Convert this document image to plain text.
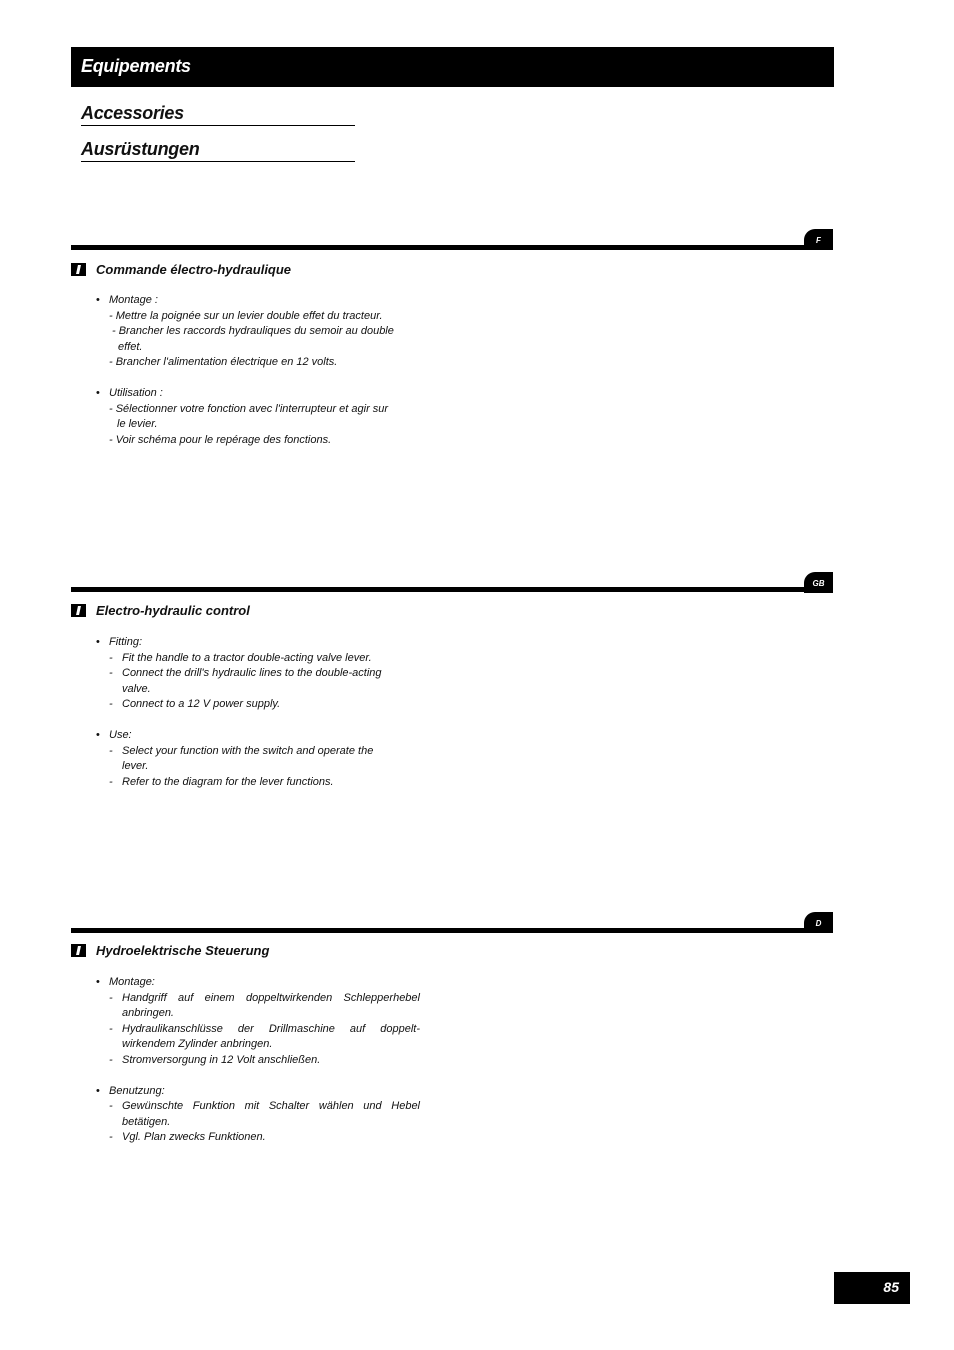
Equipements
Accessories
Ausrüstungen
F
Commande électro-hydraulique
• Montage :
- Mettre la poignée sur un levier double effet du tracteur.
- Brancher les raccords hydrauliques du semoir au double
effet.
- Brancher l'alimentation électrique en 12 volts.
• Utilisation :
- Sélectionner votre fonction avec l'interrupteur et agir sur
le levier.
- Voir schéma pour le repérage des fonctions.
GB
Electro-hydraulic control
• Fitting:
- Fit the handle to a tractor double-acting valve lever.
- Connect the drill's hydraulic lines to the double-acting
valve.
- Connect to a 12 V power supply.
• Use:
- Select your function with the switch and operate the
lever.
- Refer to the diagram for the lever functions.
D
Hydroelektrische Steuerung
• Montage:
- Handgriff auf einem doppeltwirkenden Schlepperhebel
anbringen.
- Hydraulikanschlüsse der Drillmaschine auf doppelt-
wirkendem Zylinder anbringen.
- Stromversorgung in 12 Volt anschließen.
• Benutzung:
- Gewünschte Funktion mit Schalter wählen und Hebel
betätigen.
- Vgl. Plan zwecks Funktionen.
85
